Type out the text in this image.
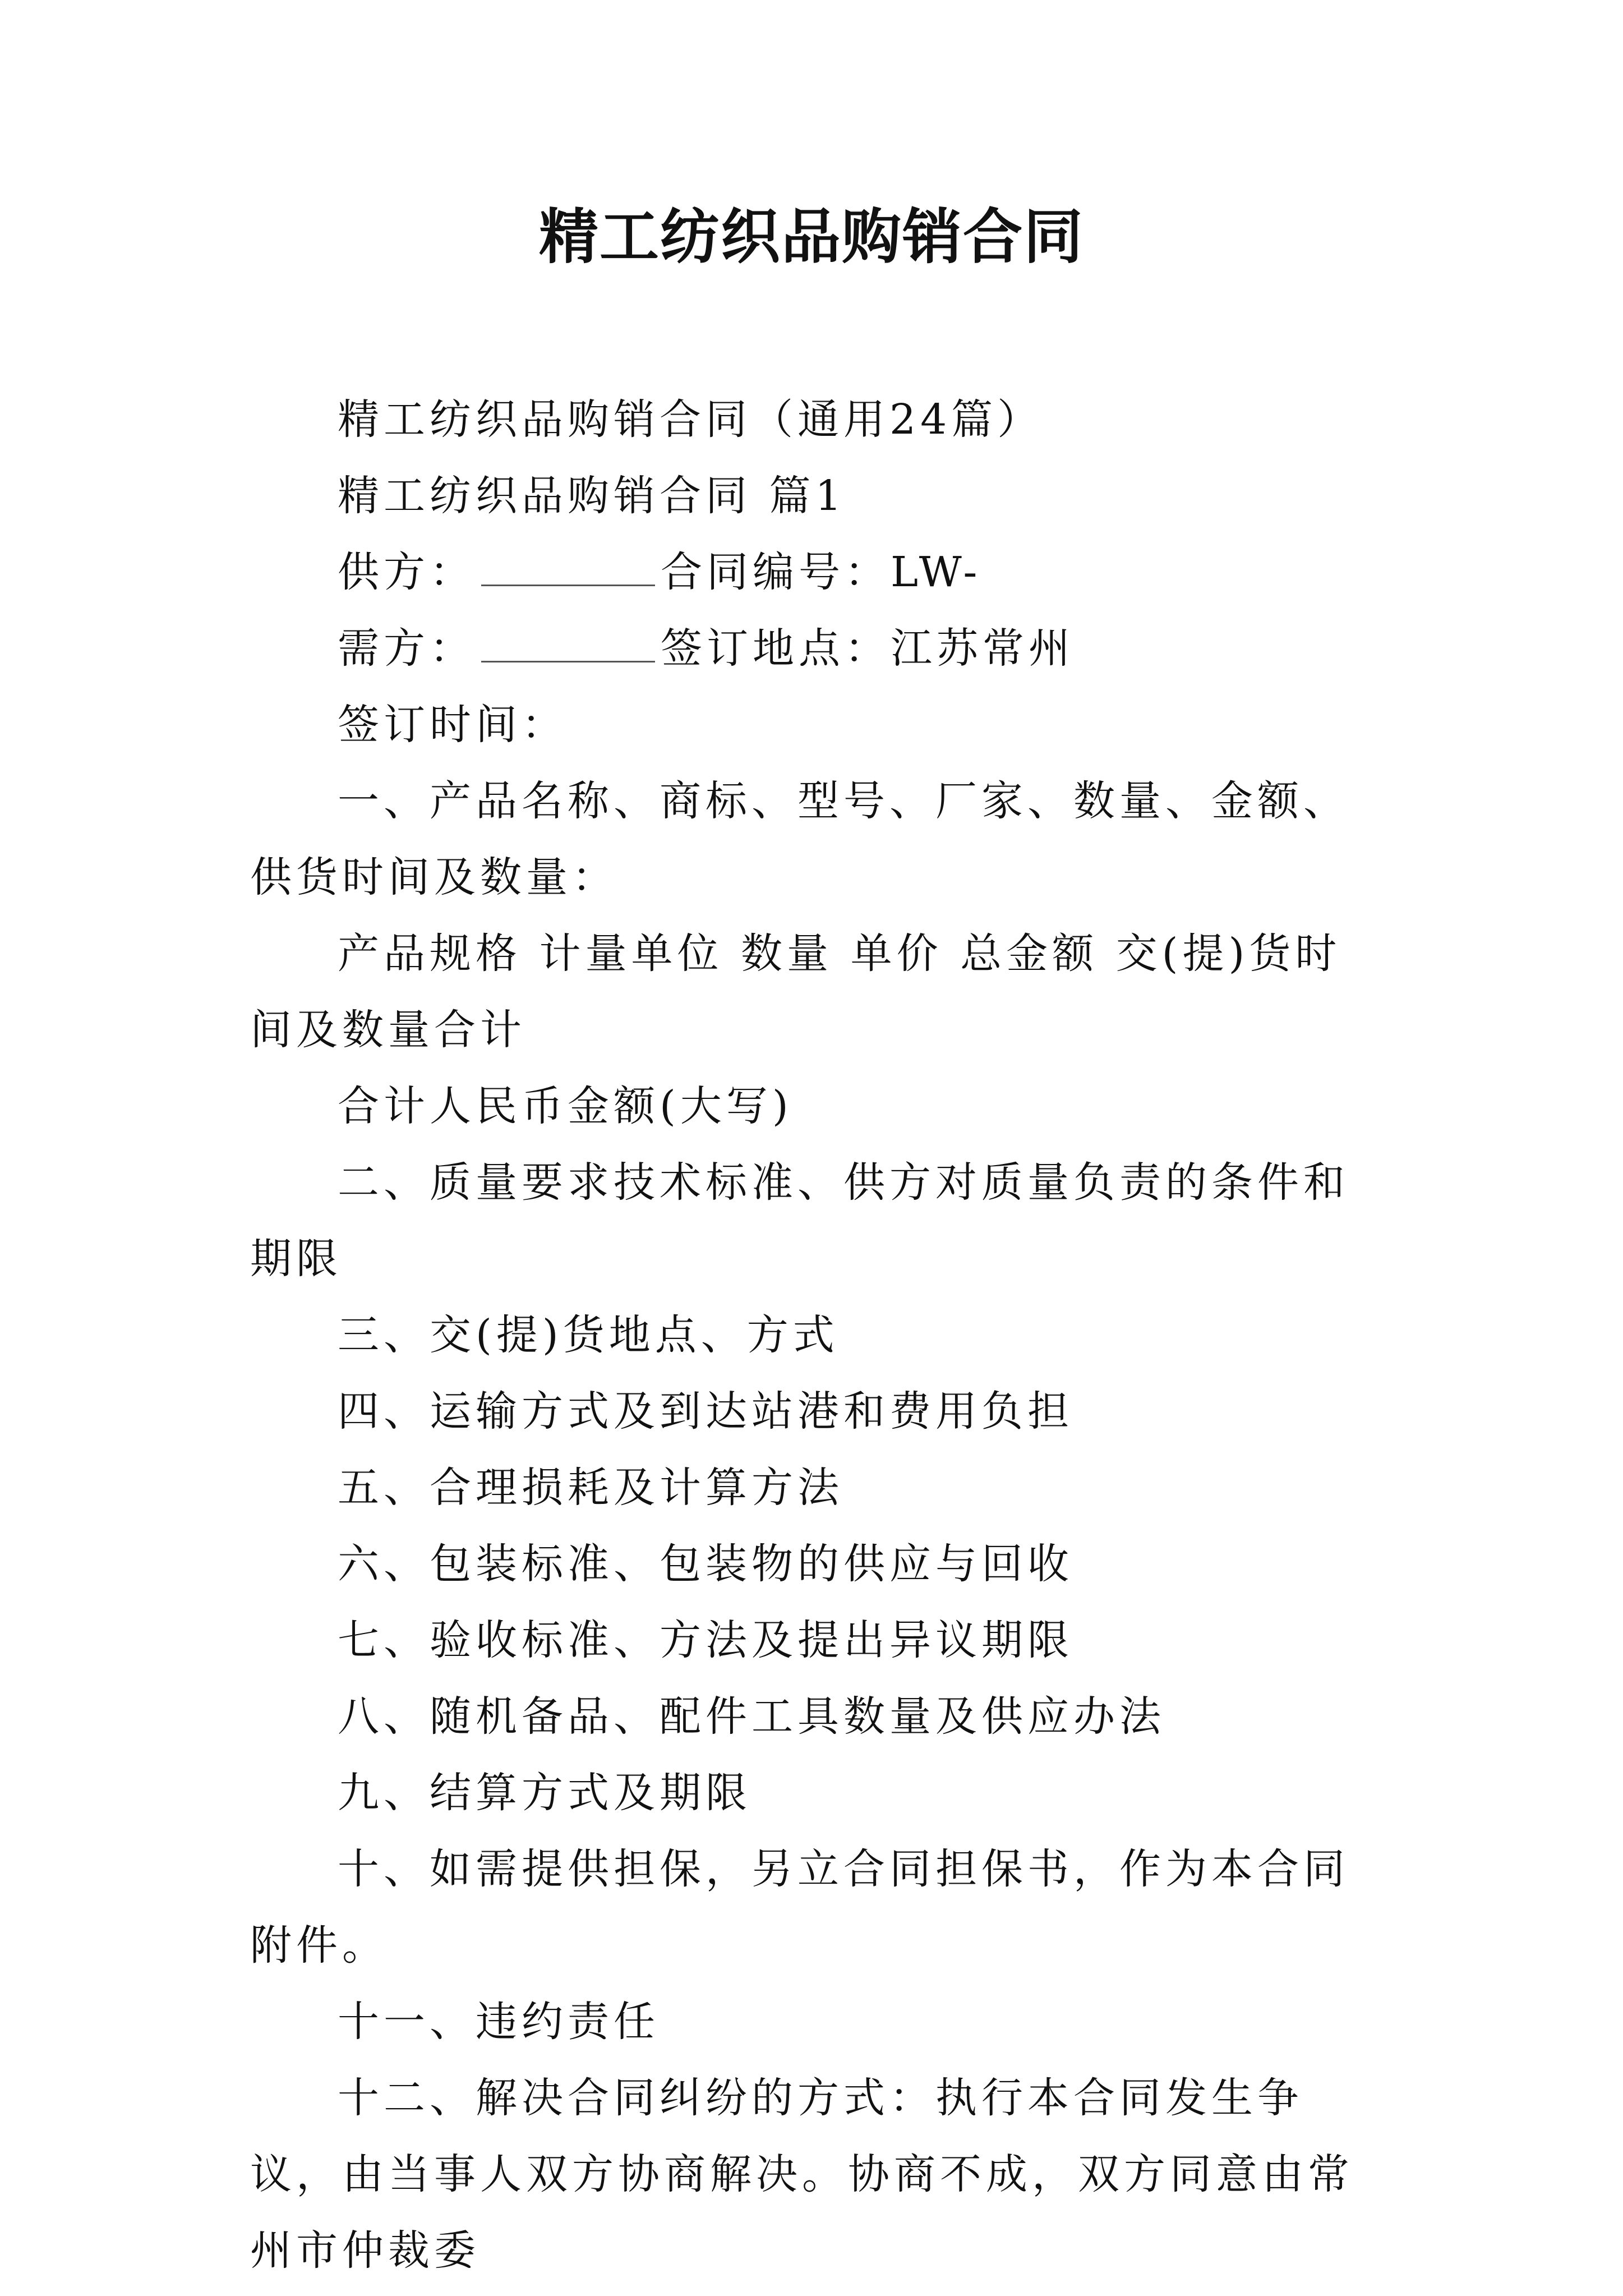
精工纺织品购销合同

精工纺织品购销合同（通用24篇）

精工纺织品购销合同 篇1

供方：	合同编号：LW-

需方：	签订地点：江苏常州

签订时间：

一、产品名称、商标、型号、厂家、数量、金额、供货时间及数量：

产品规格 计量单位 数量 单价 总金额 交(提)货时间及数量合计

合计人民币金额(大写)

二、质量要求技术标准、供方对质量负责的条件和期限

三、交(提)货地点、方式

四、运输方式及到达站港和费用负担

五、合理损耗及计算方法

六、包装标准、包装物的供应与回收

七、验收标准、方法及提出异议期限

八、随机备品、配件工具数量及供应办法

九、结算方式及期限

十、如需提供担保，另立合同担保书，作为本合同附件。

十一、违约责任

十二、解决合同纠纷的方式：执行本合同发生争议，由当事人双方协商解决。协商不成，双方同意由常州市仲裁委
